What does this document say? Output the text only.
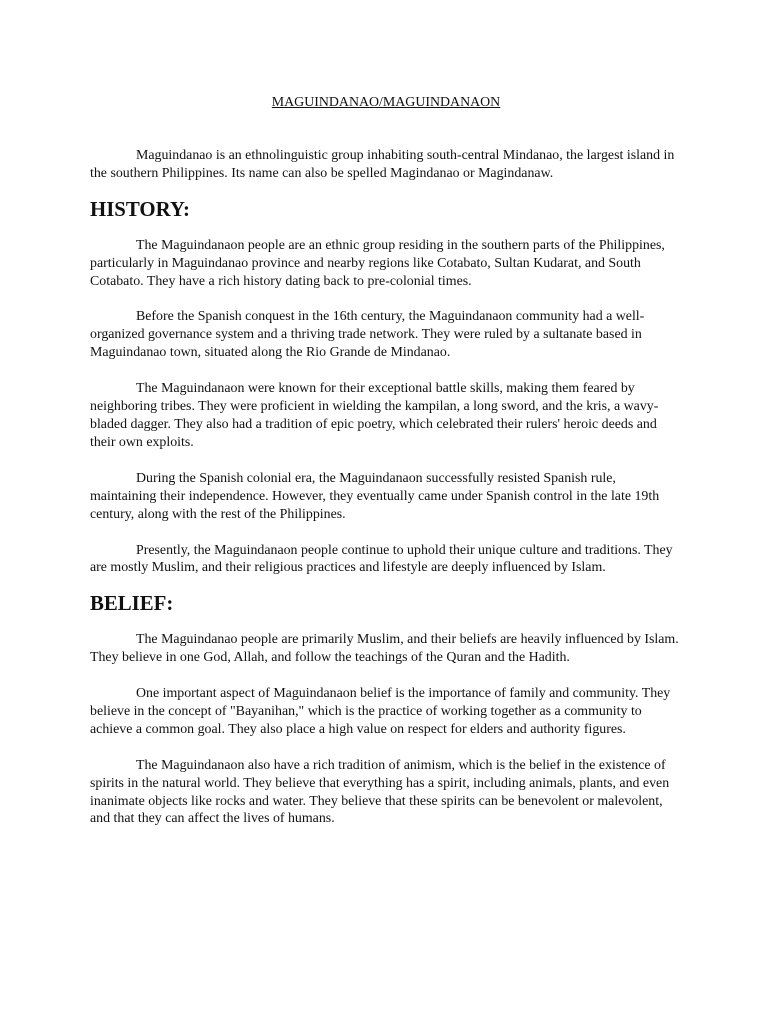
MAGUINDANAO/MAGUINDANAON

Maguindanao is an ethnolinguistic group inhabiting south-central Mindanao, the largest island in the southern Philippines. Its name can also be spelled Magindanao or Magindanaw.

HISTORY:

The Maguindanaon people are an ethnic group residing in the southern parts of the Philippines, particularly in Maguindanao province and nearby regions like Cotabato, Sultan Kudarat, and South Cotabato. They have a rich history dating back to pre-colonial times.

Before the Spanish conquest in the 16th century, the Maguindanaon community had a well-organized governance system and a thriving trade network. They were ruled by a sultanate based in Maguindanao town, situated along the Rio Grande de Mindanao.

The Maguindanaon were known for their exceptional battle skills, making them feared by neighboring tribes. They were proficient in wielding the kampilan, a long sword, and the kris, a wavy-bladed dagger. They also had a tradition of epic poetry, which celebrated their rulers' heroic deeds and their own exploits.

During the Spanish colonial era, the Maguindanaon successfully resisted Spanish rule, maintaining their independence. However, they eventually came under Spanish control in the late 19th century, along with the rest of the Philippines.

Presently, the Maguindanaon people continue to uphold their unique culture and traditions. They are mostly Muslim, and their religious practices and lifestyle are deeply influenced by Islam.

BELIEF:

The Maguindanao people are primarily Muslim, and their beliefs are heavily influenced by Islam. They believe in one God, Allah, and follow the teachings of the Quran and the Hadith.

One important aspect of Maguindanaon belief is the importance of family and community. They believe in the concept of "Bayanihan," which is the practice of working together as a community to achieve a common goal. They also place a high value on respect for elders and authority figures.

The Maguindanaon also have a rich tradition of animism, which is the belief in the existence of spirits in the natural world. They believe that everything has a spirit, including animals, plants, and even inanimate objects like rocks and water. They believe that these spirits can be benevolent or malevolent, and that they can affect the lives of humans.
